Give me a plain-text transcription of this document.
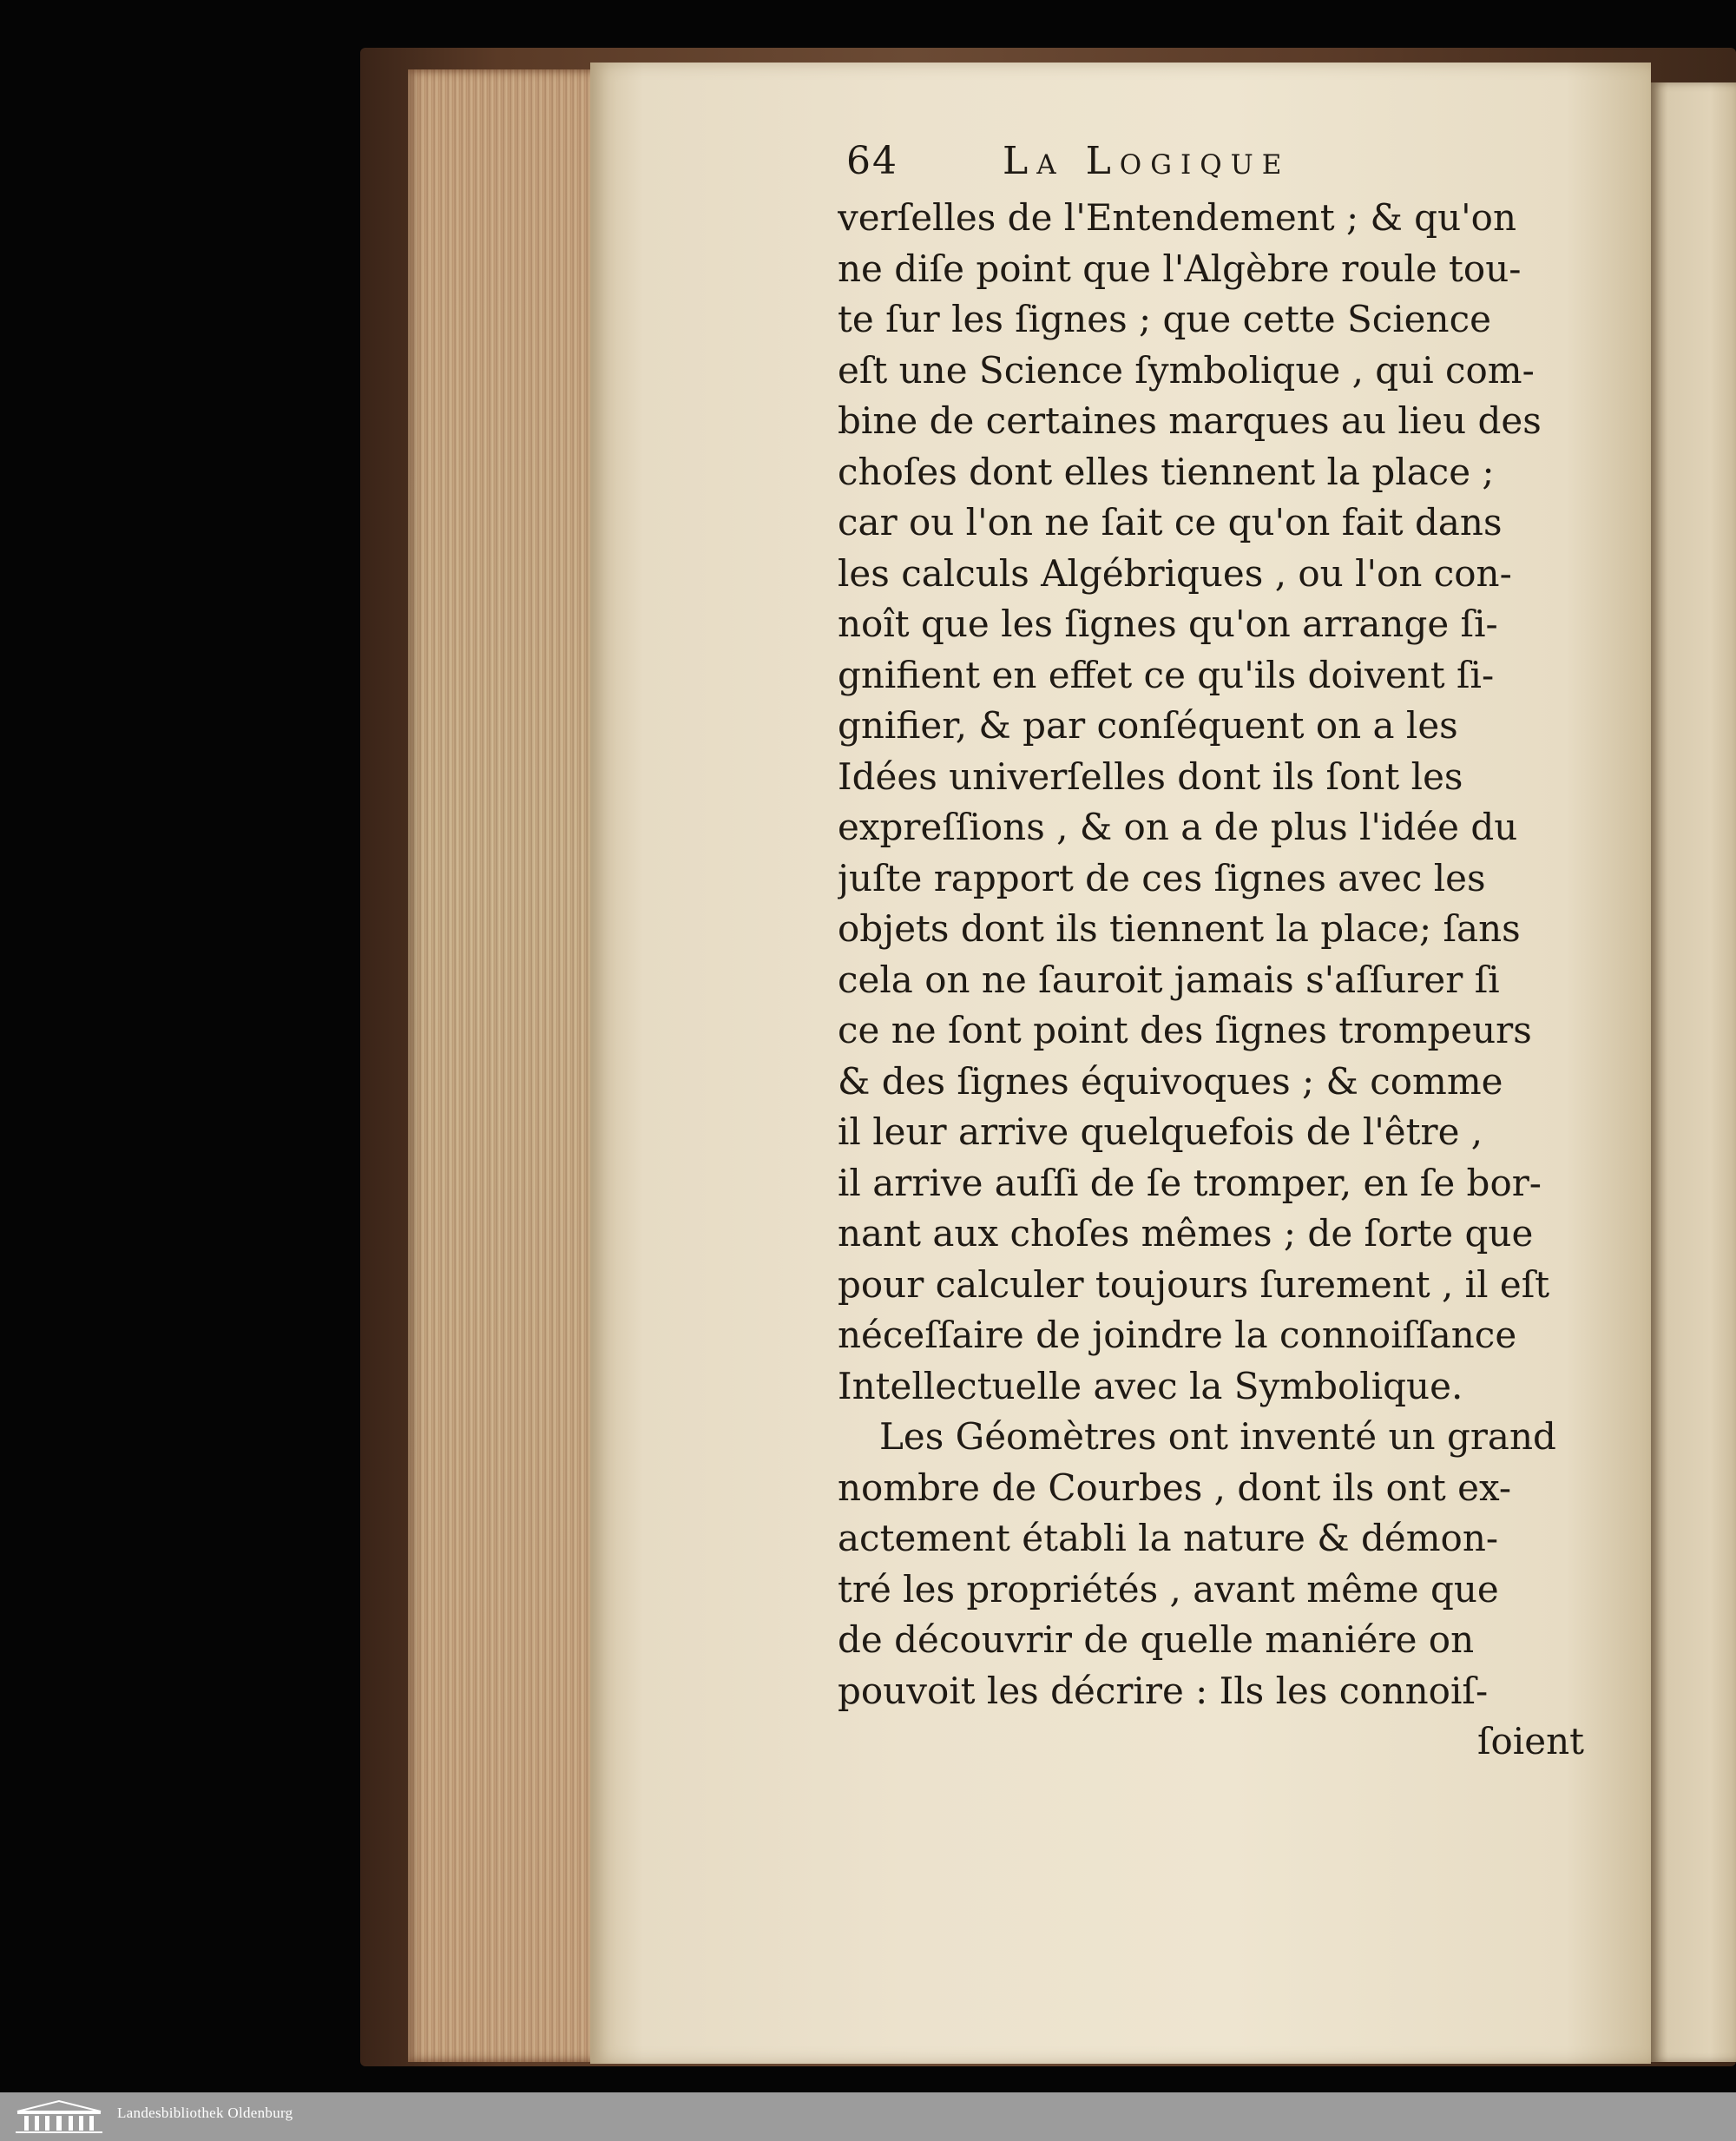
64	La Logique
verſelles de l'Entendement ; & qu'on
ne diſe point que l'Algèbre roule tou-
te ſur les ſignes ; que cette Science
eſt une Science ſymbolique , qui com-
bine de certaines marques au lieu des
choſes dont elles tiennent la place ;
car ou l'on ne ſait ce qu'on fait dans
les calculs Algébriques , ou l'on con-
noît que les ſignes qu'on arrange ſi-
gnifient en effet ce qu'ils doivent ſi-
gnifier, & par conſéquent on a les
Idées univerſelles dont ils ſont les
expreſſions , & on a de plus l'idée du
juſte rapport de ces ſignes avec les
objets dont ils tiennent la place; ſans
cela on ne ſauroit jamais s'aſſurer ſi
ce ne ſont point des ſignes trompeurs
& des ſignes équivoques ; & comme
il leur arrive quelquefois de l'être ,
il arrive auſſi de ſe tromper, en ſe bor-
nant aux choſes mêmes ; de ſorte que
pour calculer toujours ſurement , il eſt
néceſſaire de joindre la connoiſſance
Intellectuelle avec la Symbolique.
Les Géomètres ont inventé un grand
nombre de Courbes , dont ils ont ex-
actement établi la nature & démon-
tré les propriétés , avant même que
de découvrir de quelle maniére on
pouvoit les décrire : Ils les connoiſ-
ſoient
Landesbibliothek Oldenburg
